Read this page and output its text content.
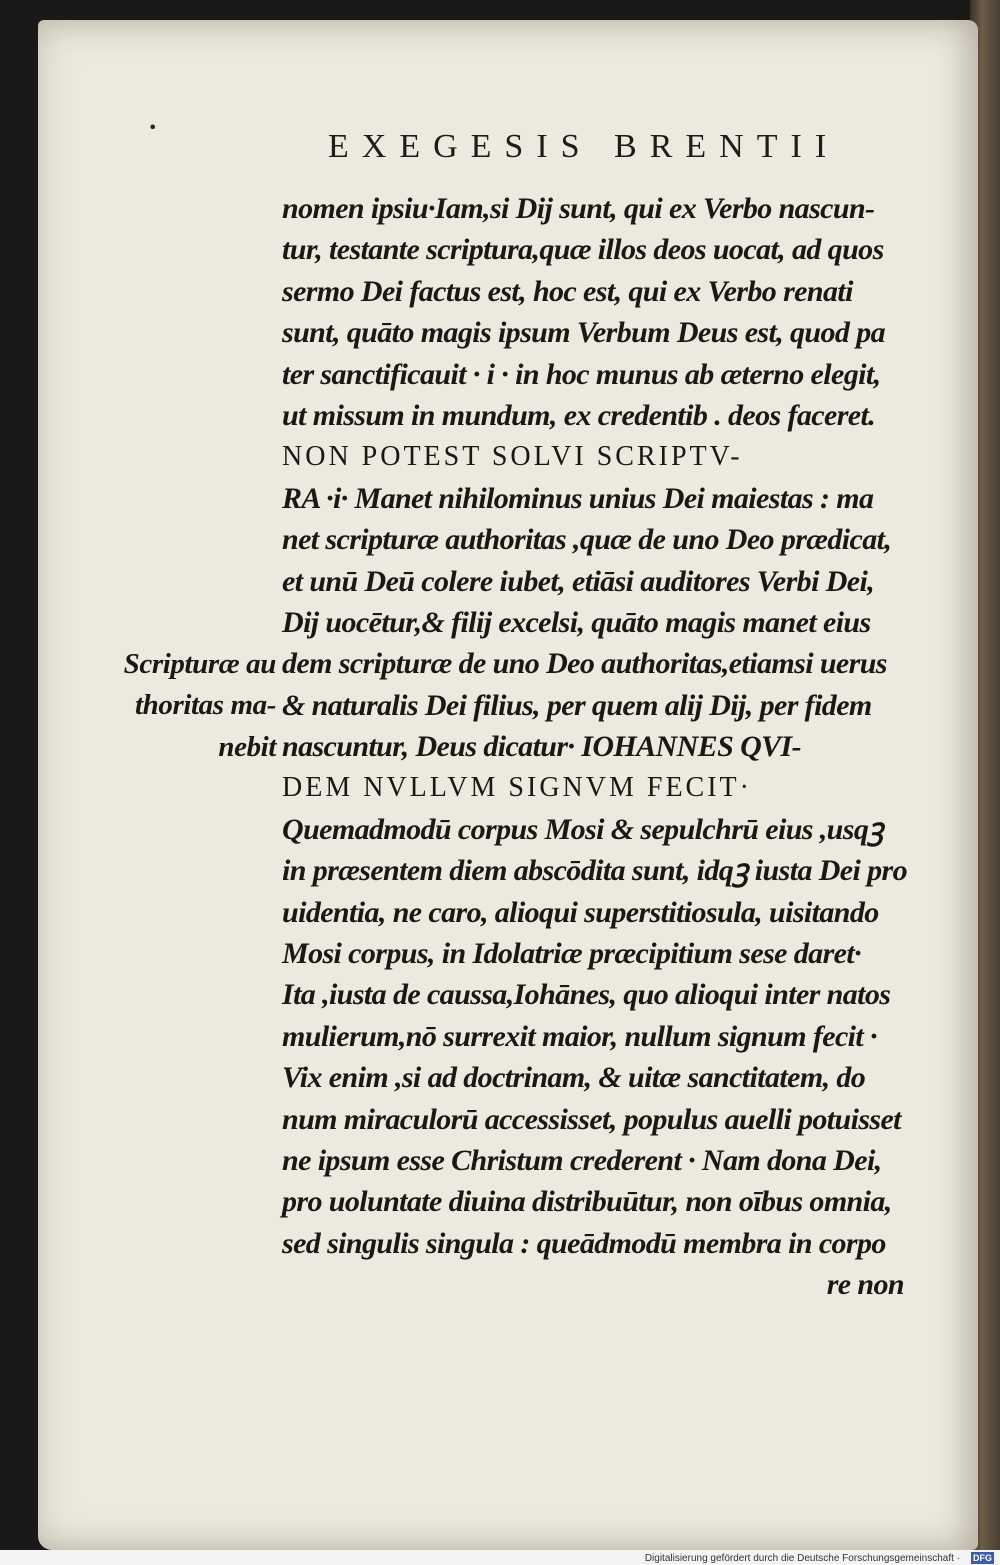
•
EXEGESIS BRENTII
nomen ipsiu·Iam,si Dij sunt, qui ex Verbo nascun-
tur, testante scriptura,quæ illos deos uocat, ad quos
sermo Dei factus est, hoc est, qui ex Verbo renati
sunt, quāto magis ipsum Verbum Deus est, quod pa
ter sanctificauit · i · in hoc munus ab æterno elegit,
ut missum in mundum, ex credentib . deos faceret.
NON POTEST SOLVI SCRIPTV-
RA ·i· Manet nihilominus unius Dei maiestas : ma
net scripturæ authoritas ,quæ de uno Deo prædicat,
et unū Deū colere iubet, etiāsi auditores Verbi Dei,
Dij uocētur,& filij excelsi, quāto magis manet eius
dem scripturæ de uno Deo authoritas,etiamsi uerus
& naturalis Dei filius, per quem alij Dij, per fidem
nascuntur, Deus dicatur· IOHANNES QVI-
DEM NVLLVM SIGNVM FECIT·
Quemadmodū corpus Mosi & sepulchrū eius ,usqꝫ
in præsentem diem abscōdita sunt, idqꝫ iusta Dei pro
uidentia, ne caro, alioqui superstitiosula, uisitando
Mosi corpus, in Idolatriæ præcipitium sese daret·
Ita ,iusta de caussa,Iohānes, quo alioqui inter natos
mulierum,nō surrexit maior, nullum signum fecit ·
Vix enim ,si ad doctrinam, & uitæ sanctitatem, do
num miraculorū accessisset, populus auelli potuisset
ne ipsum esse Christum crederent · Nam dona Dei,
pro uoluntate diuina distribuūtur, non oībus omnia,
sed singulis singula : queādmodū membra in corpo
re non
Scripturæ au
thoritas ma-
nebit
Digitalisierung gefördert durch die Deutsche Forschungsgemeinschaft · DFG
